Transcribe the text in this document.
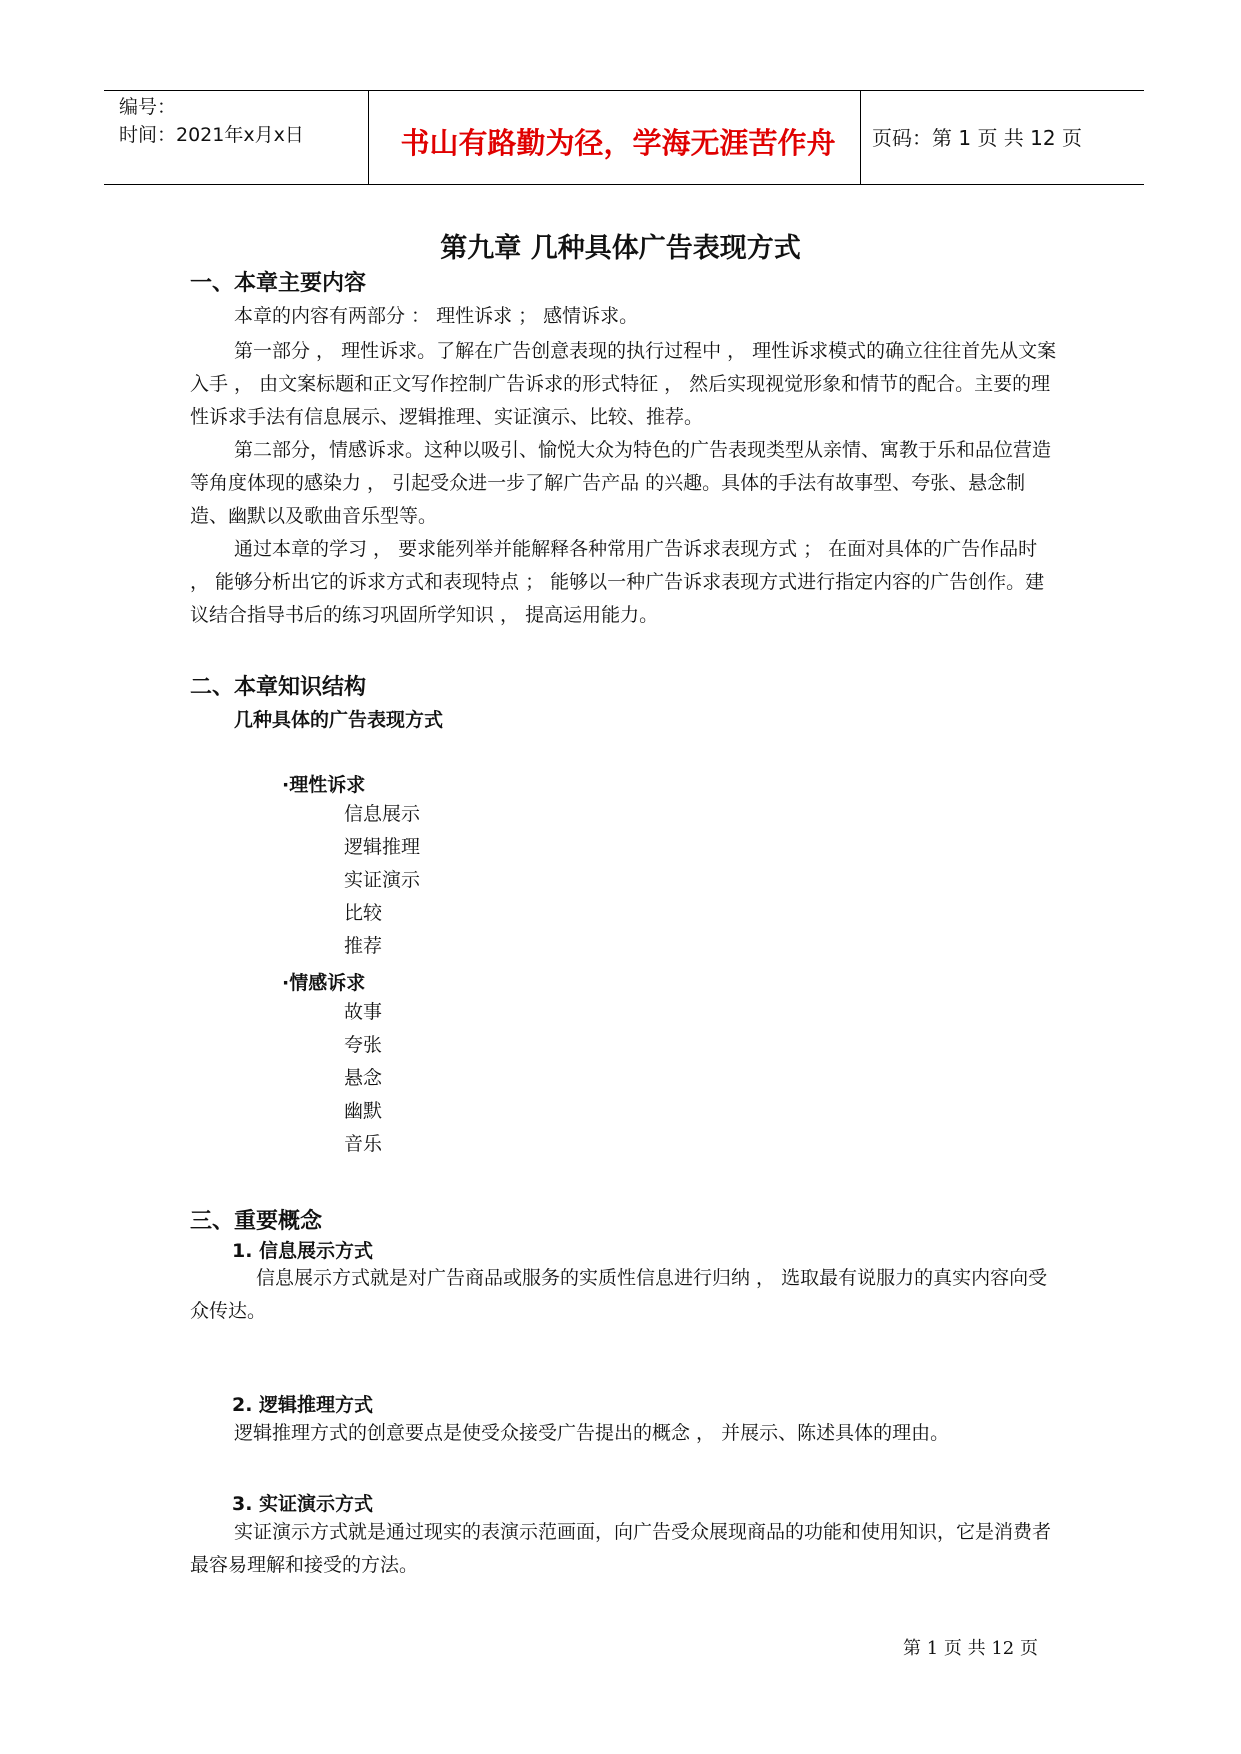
编号：
时间：2021年x月x日	书山有路勤为径，学海无涯苦作舟	页码：第 1 页 共 12 页
第九章 几种具体广告表现方式
一、本章主要内容
本章的内容有两部分 ： 理性诉求 ； 感情诉求。
第一部分 ， 理性诉求。了解在广告创意表现的执行过程中 ， 理性诉求模式的确立往往首先从文案入手 ， 由文案标题和正文写作控制广告诉求的形式特征 ， 然后实现视觉形象和情节的配合。主要的理性诉求手法有信息展示、逻辑推理、实证演示、比较、推荐。
第二部分，情感诉求。这种以吸引、愉悦大众为特色的广告表现类型从亲情、寓教于乐和品位营造等角度体现的感染力 ， 引起受众进一步了解广告产品 的兴趣。具体的手法有故事型、夸张、悬念制造、幽默以及歌曲音乐型等。
通过本章的学习 ， 要求能列举并能解释各种常用广告诉求表现方式 ； 在面对具体的广告作品时 ， 能够分析出它的诉求方式和表现特点 ； 能够以一种广告诉求表现方式进行指定内容的广告创作。建议结合指导书后的练习巩固所学知识 ， 提高运用能力。
二、本章知识结构
几种具体的广告表现方式
·理性诉求
信息展示
逻辑推理
实证演示
比较
推荐
·情感诉求
故事
夸张
悬念
幽默
音乐
三、重要概念
1. 信息展示方式
信息展示方式就是对广告商品或服务的实质性信息进行归纳 ， 选取最有说服力的真实内容向受众传达。
2. 逻辑推理方式
逻辑推理方式的创意要点是使受众接受广告提出的概念 ， 并展示、陈述具体的理由。
3. 实证演示方式
实证演示方式就是通过现实的表演示范画面，向广告受众展现商品的功能和使用知识，它是消费者最容易理解和接受的方法。
第 1 页 共 12 页
